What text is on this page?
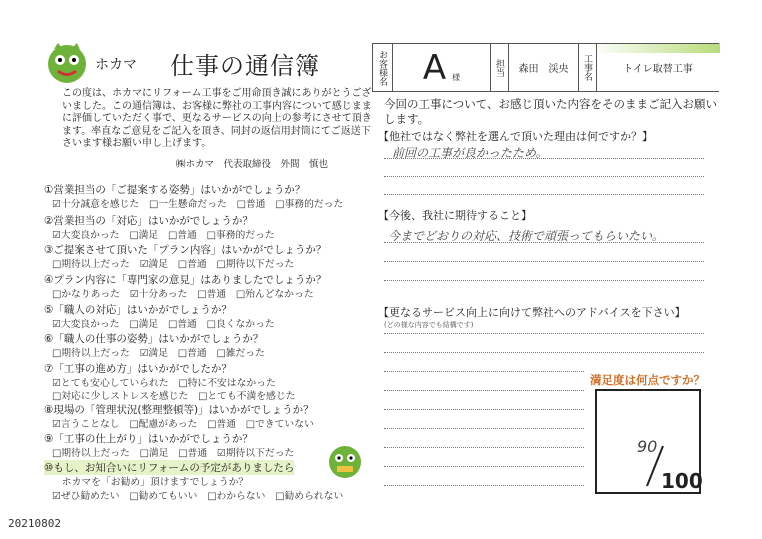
ホカマ 仕事の通信簿
この度は、ホカマにリフォーム工事をご用命頂き誠にありがとうございました。この通信簿は、お客様に弊社の工事内容について感じままに評価していただく事で、更なるサービスの向上の参考にさせて頂きます。率直なご意見をご記入を頂き、同封の返信用封筒にてご返送下さいます様お願い申し上げます。
㈱ホカマ　代表取締役　外間　慎也
①営業担当の「ご提案する姿勢」はいかがでしょうか？
☑十分誠意を感じた　□一生懸命だった　□普通　□事務的だった
②営業担当の「対応」はいかがでしょうか？
☑大変良かった　□満足　□普通　□事務的だった
③ご提案させて頂いた「プラン内容」はいかがでしょうか？
□期待以上だった　☑満足　□普通　□期待以下だった
④プラン内容に「専門家の意見」はありましたでしょうか？
□かなりあった　☑十分あった　□普通　□殆んどなかった
⑤「職人の対応」はいかがでしょうか？
☑大変良かった　□満足　□普通　□良くなかった
⑥「職人の仕事の姿勢」はいかがでしょうか？
□期待以上だった　☑満足　□普通　□雑だった
⑦「工事の進め方」はいかがでしたか？
☑とても安心していられた　□特に不安はなかった
□対応に少しストレスを感じた　□とても不満を感じた
⑧現場の「管理状況(整理整頓等)」はいかがでしょうか？
☑言うことなし　□配慮があった　□普通　□できていない
⑨「工事の仕上がり」はいかがでしょうか？
□期待以上だった　□満足　□普通　☑期待以下だった
⑩もし、お知合いにリフォームの予定がありましたら
　ホカマを「お勧め」頂けますでしょうか？
☑ぜひ勧めたい　□勧めてもいい　□わからない　□勧められない
お客様名 A 様
担当	森田　渓央	工事名	トイレ取替工事
今回の工事について、お感じ頂いた内容をそのままご記入お願いします。
【他社ではなく弊社を選んで頂いた理由は何ですか？】
前回の工事が良かったため。
【今後、我社に期待すること】
今までどおりの対応、技術で頑張ってもらいたい。
【更なるサービス向上に向けて弊社へのアドバイスを下さい】
(どの様な内容でも結構です)
満足度は何点ですか？
90
100
20210802
